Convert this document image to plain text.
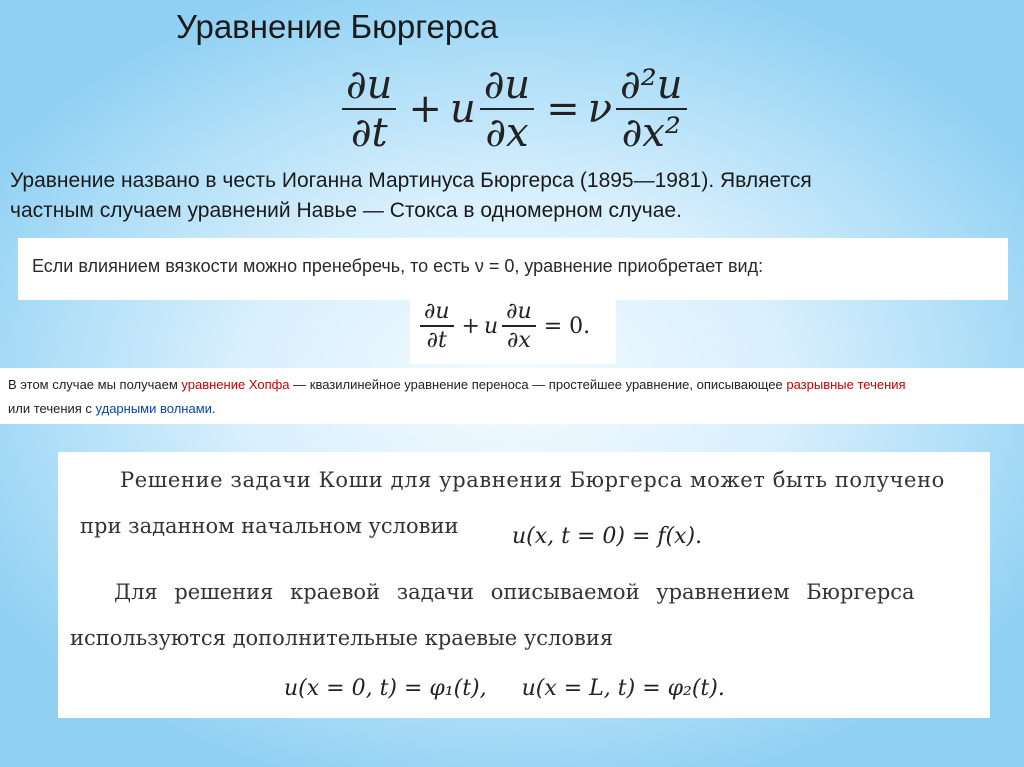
Уравнение Бюргерса
$\frac{\partial u}{\partial t} + u \frac{\partial u}{\partial x} = \nu \frac{\text{∂²u}}{\text{∂x²}}$
Уравнение названо в честь Иоганна Мартинуса Бюргерса (1895—1981). Является
частным случаем уравнений Навье — Стокса в одномерном случае.
Если влиянием вязкости можно пренебречь, то есть ν = 0, уравнение приобретает вид:
$\frac{\partial u}{\partial t} + u \frac{\partial u}{\partial x} = 0$.

В этом случае мы получаем уравнение Хопфа — квазилинейное уравнение переноса — простейшее уравнение, описывающее разрывные течения

или течения с ударными волнами.

Решение задачи Коши для уравнения Бюргерса может быть получено
при заданном начальном условии u(x, t = 0) = f(x).
Для решения краевой задачи описываемой уравнением Бюргерса
используются дополнительные краевые условия
u(x = 0, t) = φ₁(t),     u(x = L, t) = φ₂(t).
